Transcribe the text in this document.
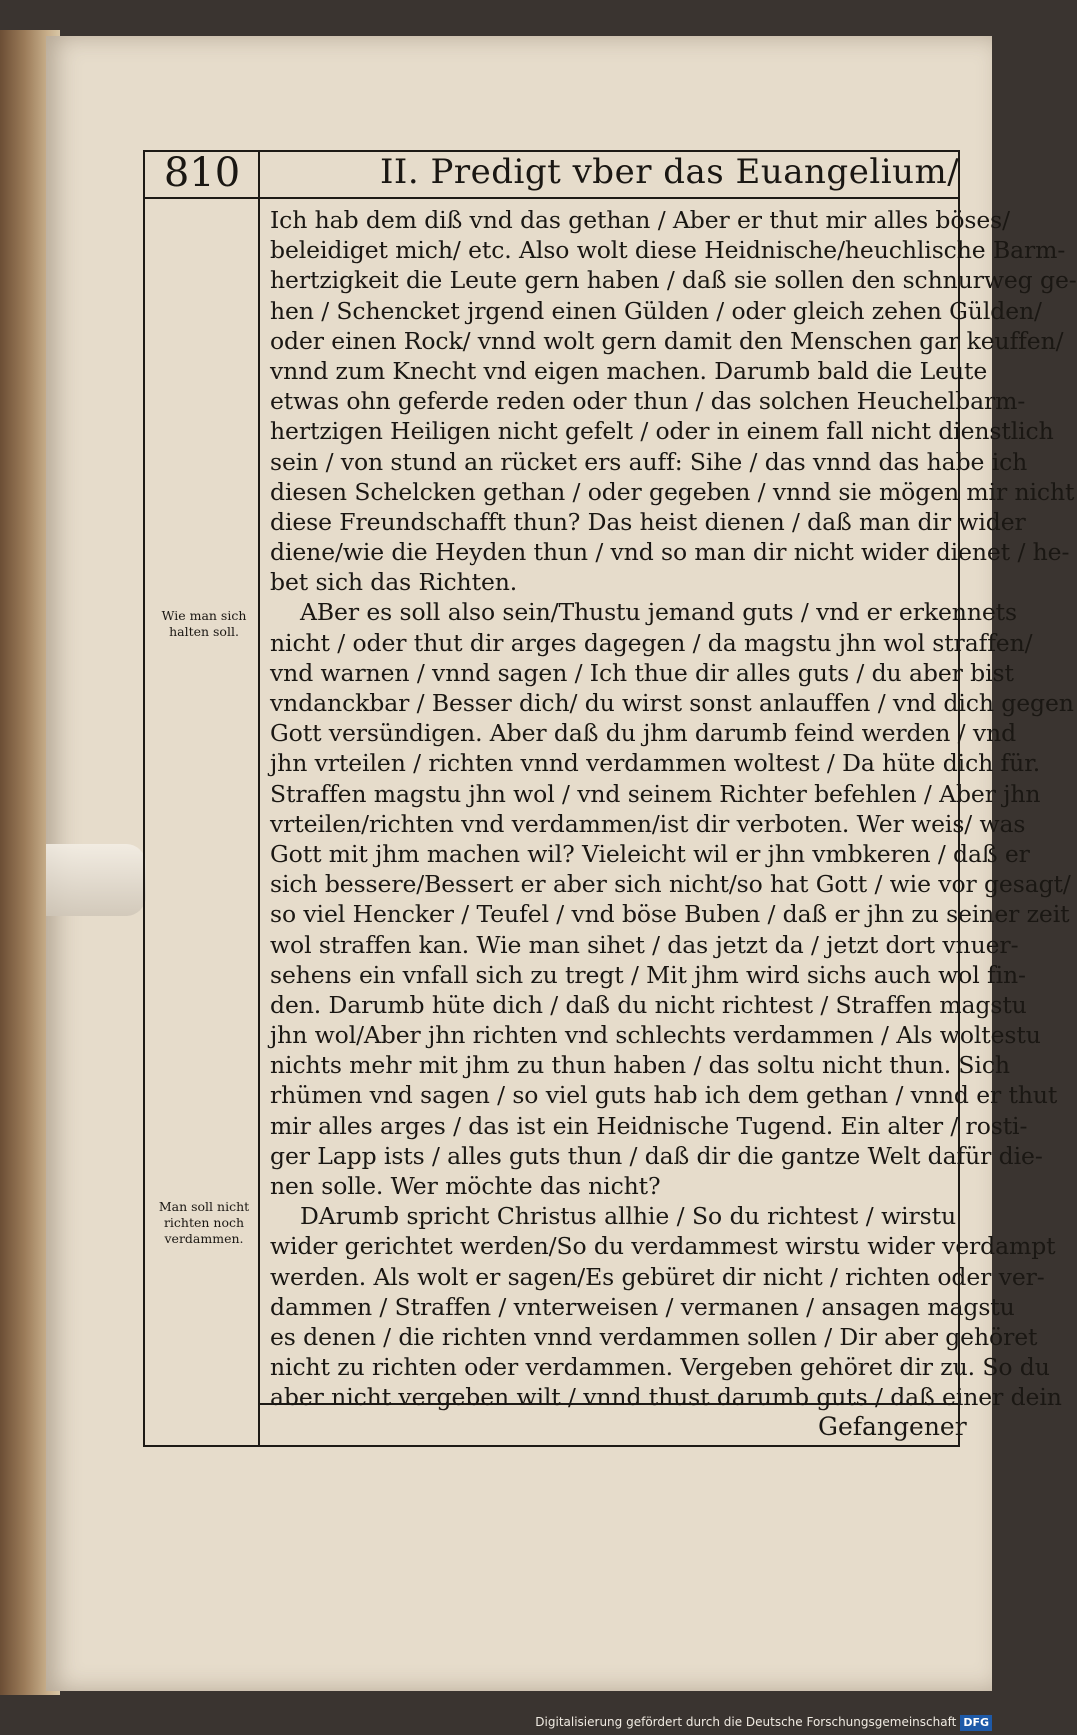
810	II. Predigt vber das Euangelium/
Wie man sich halten soll.
Man soll nicht richten noch verdammen.
Ich hab dem diß vnd das gethan / Aber er thut mir alles böses/
beleidiget mich/ etc. Also wolt diese Heidnische/heuchlische Barm-
hertzigkeit die Leute gern haben / daß sie sollen den schnurweg ge-
hen / Schencket jrgend einen Gülden / oder gleich zehen Gülden/
oder einen Rock/ vnnd wolt gern damit den Menschen gar keuffen/
vnnd zum Knecht vnd eigen machen. Darumb bald die Leute
etwas ohn geferde reden oder thun / das solchen Heuchelbarm-
hertzigen Heiligen nicht gefelt / oder in einem fall nicht dienstlich
sein / von stund an rücket ers auff: Sihe / das vnnd das habe ich
diesen Schelcken gethan / oder gegeben / vnnd sie mögen mir nicht
diese Freundschafft thun? Das heist dienen / daß man dir wider
diene/wie die Heyden thun / vnd so man dir nicht wider dienet / he-
bet sich das Richten.
ABer es soll also sein/Thustu jemand guts / vnd er erkennets
nicht / oder thut dir arges dagegen / da magstu jhn wol straffen/
vnd warnen / vnnd sagen / Ich thue dir alles guts / du aber bist
vndanckbar / Besser dich/ du wirst sonst anlauffen / vnd dich gegen
Gott versündigen. Aber daß du jhm darumb feind werden / vnd
jhn vrteilen / richten vnnd verdammen woltest / Da hüte dich für.
Straffen magstu jhn wol / vnd seinem Richter befehlen / Aber jhn
vrteilen/richten vnd verdammen/ist dir verboten. Wer weis/ was
Gott mit jhm machen wil? Vieleicht wil er jhn vmbkeren / daß er
sich bessere/Bessert er aber sich nicht/so hat Gott / wie vor gesagt/
so viel Hencker / Teufel / vnd böse Buben / daß er jhn zu seiner zeit
wol straffen kan. Wie man sihet / das jetzt da / jetzt dort vnuer-
sehens ein vnfall sich zu tregt / Mit jhm wird sichs auch wol fin-
den. Darumb hüte dich / daß du nicht richtest / Straffen magstu
jhn wol/Aber jhn richten vnd schlechts verdammen / Als woltestu
nichts mehr mit jhm zu thun haben / das soltu nicht thun. Sich
rhümen vnd sagen / so viel guts hab ich dem gethan / vnnd er thut
mir alles arges / das ist ein Heidnische Tugend. Ein alter / rosti-
ger Lapp ists / alles guts thun / daß dir die gantze Welt dafür die-
nen solle. Wer möchte das nicht?
DArumb spricht Christus allhie / So du richtest / wirstu
wider gerichtet werden/So du verdammest wirstu wider verdampt
werden. Als wolt er sagen/Es gebüret dir nicht / richten oder ver-
dammen / Straffen / vnterweisen / vermanen / ansagen magstu
es denen / die richten vnnd verdammen sollen / Dir aber gehöret
nicht zu richten oder verdammen. Vergeben gehöret dir zu. So du
aber nicht vergeben wilt / vnnd thust darumb guts / daß einer dein
Gefangener
Digitalisierung gefördert durch die Deutsche Forschungsgemeinschaft DFG
